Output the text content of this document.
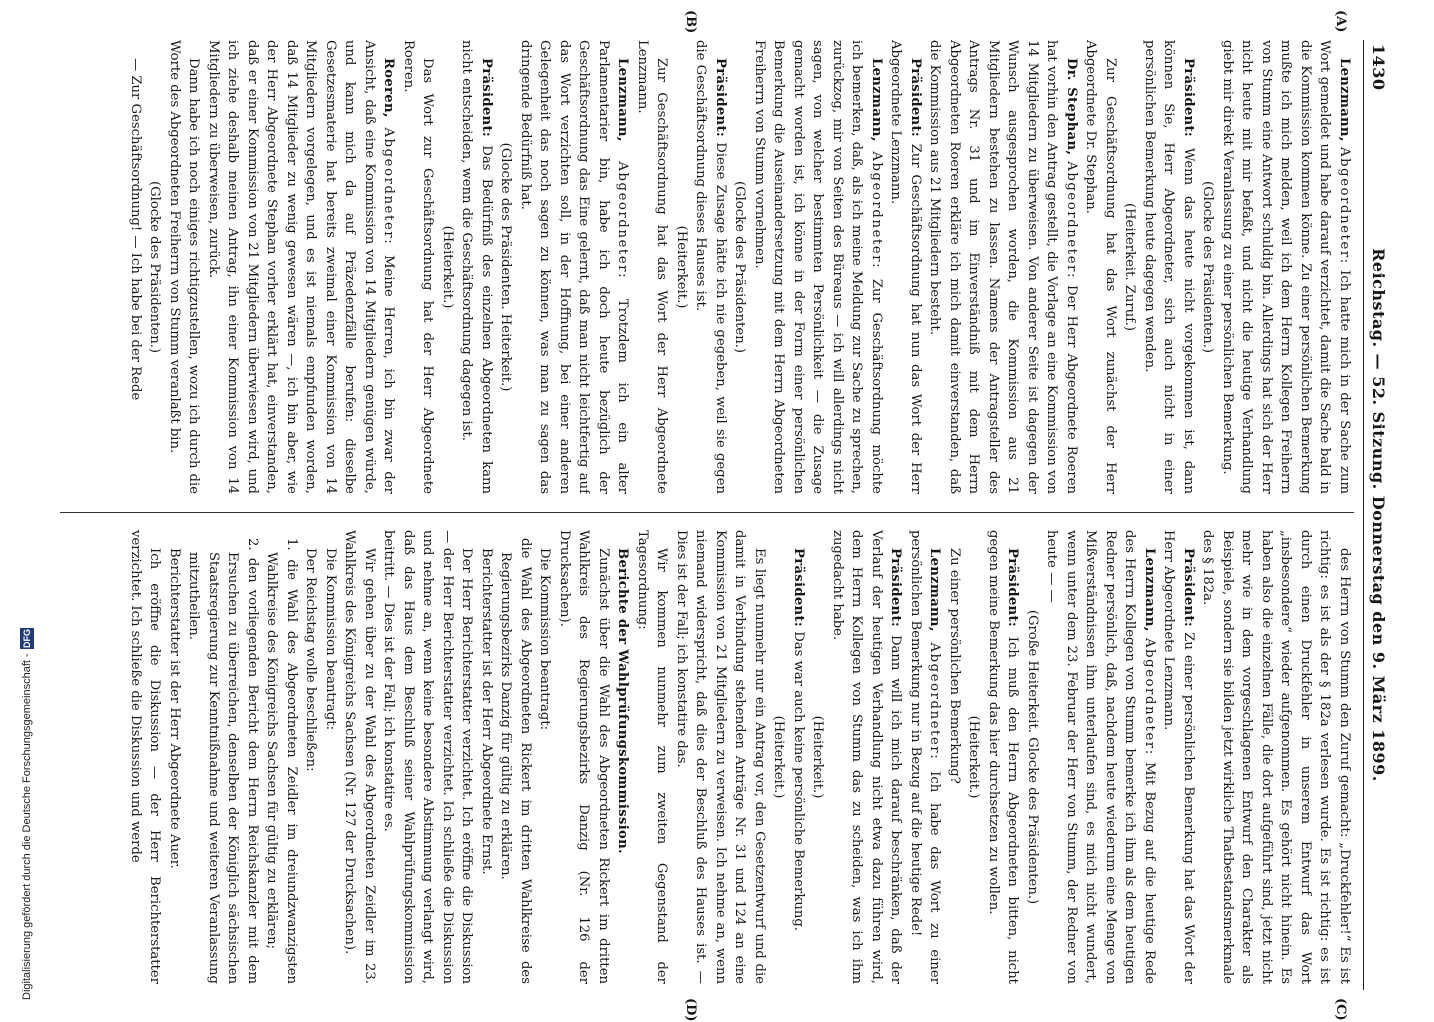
1430
Reichstag. — 52. Sitzung. Donnerstag den 9. März 1899.

Lenzmann, Abgeordneter: Ich hatte mich in der Sache zum Wort gemeldet und habe darauf verzichtet, damit die Sache bald in die Kommission kommen könne. Zu einer persönlichen Bemerkung mußte ich mich melden, weil ich dem Herrn Kollegen Freiherrn von Stumm eine Antwort schuldig bin. Allerdings hat sich der Herr nicht heute mit mir befaßt, und nicht die heutige Verhandlung giebt mir direkt Veranlassung zu einer persönlichen Bemerkung.

(Glocke des Präsidenten.)

Präsident: Wenn das heute nicht vorgekommen ist, dann können Sie, Herr Abgeordneter, sich auch nicht in einer persönlichen Bemerkung heute dagegen wenden.

(Heiterkeit. Zuruf.)

Zur Geschäftsordnung hat das Wort zunächst der Herr Abgeordnete Dr. Stephan.

Dr. Stephan, Abgeordneter: Der Herr Abgeordnete Roeren hat vorhin den Antrag gestellt, die Vorlage an eine Kommission von 14 Mitgliedern zu überweisen. Von anderer Seite ist dagegen der Wunsch ausgesprochen worden, die Kommission aus 21 Mitgliedern bestehen zu lassen. Namens der Antragsteller des Antrags Nr. 31 und im Einverständniß mit dem Herrn Abgeordneten Roeren erkläre ich mich damit einverstanden, daß die Kommission aus 21 Mitgliedern besteht.

Präsident: Zur Geschäftsordnung hat nun das Wort der Herr Abgeordnete Lenzmann.

Lenzmann, Abgeordneter: Zur Geschäftsordnung möchte ich bemerken, daß, als ich meine Meldung zur Sache zu sprechen, zurückzog, mir von Seiten des Büreaus — ich will allerdings nicht sagen, von welcher bestimmten Persönlichkeit — die Zusage gemacht worden ist, ich könne in der Form einer persönlichen Bemerkung die Auseinandersetzung mit dem Herrn Abgeordneten Freiherrn von Stumm vornehmen.

(Glocke des Präsidenten.)

Präsident: Diese Zusage hätte ich nie gegeben, weil sie gegen die Geschäftsordnung dieses Hauses ist.

(Heiterkeit.)

Zur Geschäftsordnung hat das Wort der Herr Abgeordnete Lenzmann.

Lenzmann, Abgeordneter: Trotzdem ich ein alter Parlamentarier bin, habe ich doch heute bezüglich der Geschäftsordnung das Eine gelernt, daß man nicht leichtfertig auf das Wort verzichten soll, in der Hoffnung, bei einer anderen Gelegenheit das noch sagen zu können, was man zu sagen das dringende Bedürfniß hat.

(Glocke des Präsidenten. Heiterkeit.)

Präsident: Das Bedürfniß des einzelnen Abgeordneten kann nicht entscheiden, wenn die Geschäftsordnung dagegen ist.

(Heiterkeit.)

Das Wort zur Geschäftsordnung hat der Herr Abgeordnete Roeren.

Roeren, Abgeordneter: Meine Herren, ich bin zwar der Ansicht, daß eine Kommission von 14 Mitgliedern genügen würde, und kann mich da auf Präzedenzfälle berufen: dieselbe Gesetzesmaterie hat bereits zweimal einer Kommission von 14 Mitgliedern vorgelegen, und es ist niemals empfunden worden, daß 14 Mitglieder zu wenig gewesen wären —, ich bin aber, wie der Herr Abgeordnete Stephan vorher erklärt hat, einverstanden, daß er einer Kommission von 21 Mitgliedern überwiesen wird, und ich ziehe deshalb meinen Antrag, ihn einer Kommission von 14 Mitgliedern zu überweisen, zurück.

Dann habe ich noch einiges richtigzustellen, wozu ich durch die Worte des Abgeordneten Freiherrn von Stumm veranlaßt bin.

(Glocke des Präsidenten.)

— Zur Geschäftsordnung! — Ich habe bei der Rede

des Herrn von Stumm den Zuruf gemacht: „Druckfehler!“ Es ist richtig: es ist als der § 182a verlesen wurde. Es ist richtig: es ist durch einen Druckfehler in unserem Entwurf das Wort „insbesondere“ wieder aufgenommen. Es gehört nicht hinein. Es haben also die einzelnen Fälle, die dort aufgeführt sind, jetzt nicht mehr wie in dem vorgeschlagenen Entwurf den Charakter als Beispiele, sondern sie bilden jetzt wirkliche Thatbestandsmerkmale des § 182a.

Präsident: Zu einer persönlichen Bemerkung hat das Wort der Herr Abgeordnete Lenzmann.

Lenzmann, Abgeordneter: Mit Bezug auf die heutige Rede des Herrn Kollegen von Stumm bemerke ich ihm als dem heutigen Redner persönlich, daß, nachdem heute wiederum eine Menge von Mißverständnissen ihm unterlaufen sind, es mich nicht wundert, wenn unter dem 23. Februar der Herr von Stumm, der Redner von heute — —

(Große Heiterkeit. Glocke des Präsidenten.)

Präsident: Ich muß den Herrn Abgeordneten bitten, nicht gegen meine Bemerkung das hier durchsetzen zu wollen.

(Heiterkeit.)

Zu einer persönlichen Bemerkung?

Lenzmann, Abgeordneter: Ich habe das Wort zu einer persönlichen Bemerkung nur in Bezug auf die heutige Rede!

Präsident: Dann will ich mich darauf beschränken, daß der Verlauf der heutigen Verhandlung nicht etwa dazu führen wird, dem Herrn Kollegen von Stumm das zu scheiden, was ich ihm zugedacht habe.

(Heiterkeit.)

Präsident: Das war auch keine persönliche Bemerkung.

(Heiterkeit.)

Es liegt nunmehr nur ein Antrag vor, den Gesetzentwurf und die damit in Verbindung stehenden Anträge Nr. 31 und 124 an eine Kommission von 21 Mitgliedern zu verweisen. Ich nehme an, wenn niemand widerspricht, daß dies der Beschluß des Hauses ist. — Dies ist der Fall; ich konstatire das.

Wir kommen nunmehr zum zweiten Gegenstand der Tagesordnung:

Berichte der Wahlprüfungskommission.

Zunächst über die Wahl des Abgeordneten Rickert im dritten Wahlkreis des Regierungsbezirks Danzig (Nr. 126 der Drucksachen).

Die Kommission beantragt:

die Wahl des Abgeordneten Rickert im dritten Wahlkreise des Regierungsbezirks Danzig für gültig zu erklären.

Berichterstatter ist der Herr Abgeordnete Ernst.

Der Herr Berichterstatter verzichtet. Ich eröffne die Diskussion — der Herr Berichterstatter verzichtet. Ich schließe die Diskussion und nehme an, wenn keine besondere Abstimmung verlangt wird, daß das Haus dem Beschluß seiner Wahlprüfungskommission beitritt. — Dies ist der Fall; ich konstatire es.

Wir gehen über zu der Wahl des Abgeordneten Zeidler im 23. Wahlkreis des Königreichs Sachsen (Nr. 127 der Drucksachen).

Die Kommission beantragt:

Der Reichstag wolle beschließen:

1. die Wahl des Abgeordneten Zeidler im dreiundzwanzigsten Wahlkreise des Königreichs Sachsen für gültig zu erklären;

2. den vorliegenden Bericht dem Herrn Reichskanzler mit dem Ersuchen zu überreichen, denselben der Königlich sächsischen Staatsregierung zur Kenntnißnahme und weiteren Veranlassung mitzutheilen.

Berichterstatter ist der Herr Abgeordnete Auer.

Ich eröffne die Diskussion — der Herr Berichterstatter verzichtet. Ich schließe die Diskussion und werde

(A)
(B)
(C)
(D)
Digitalisierung gefördert durch die Deutsche Forschungsgemeinschaft -
DFG
